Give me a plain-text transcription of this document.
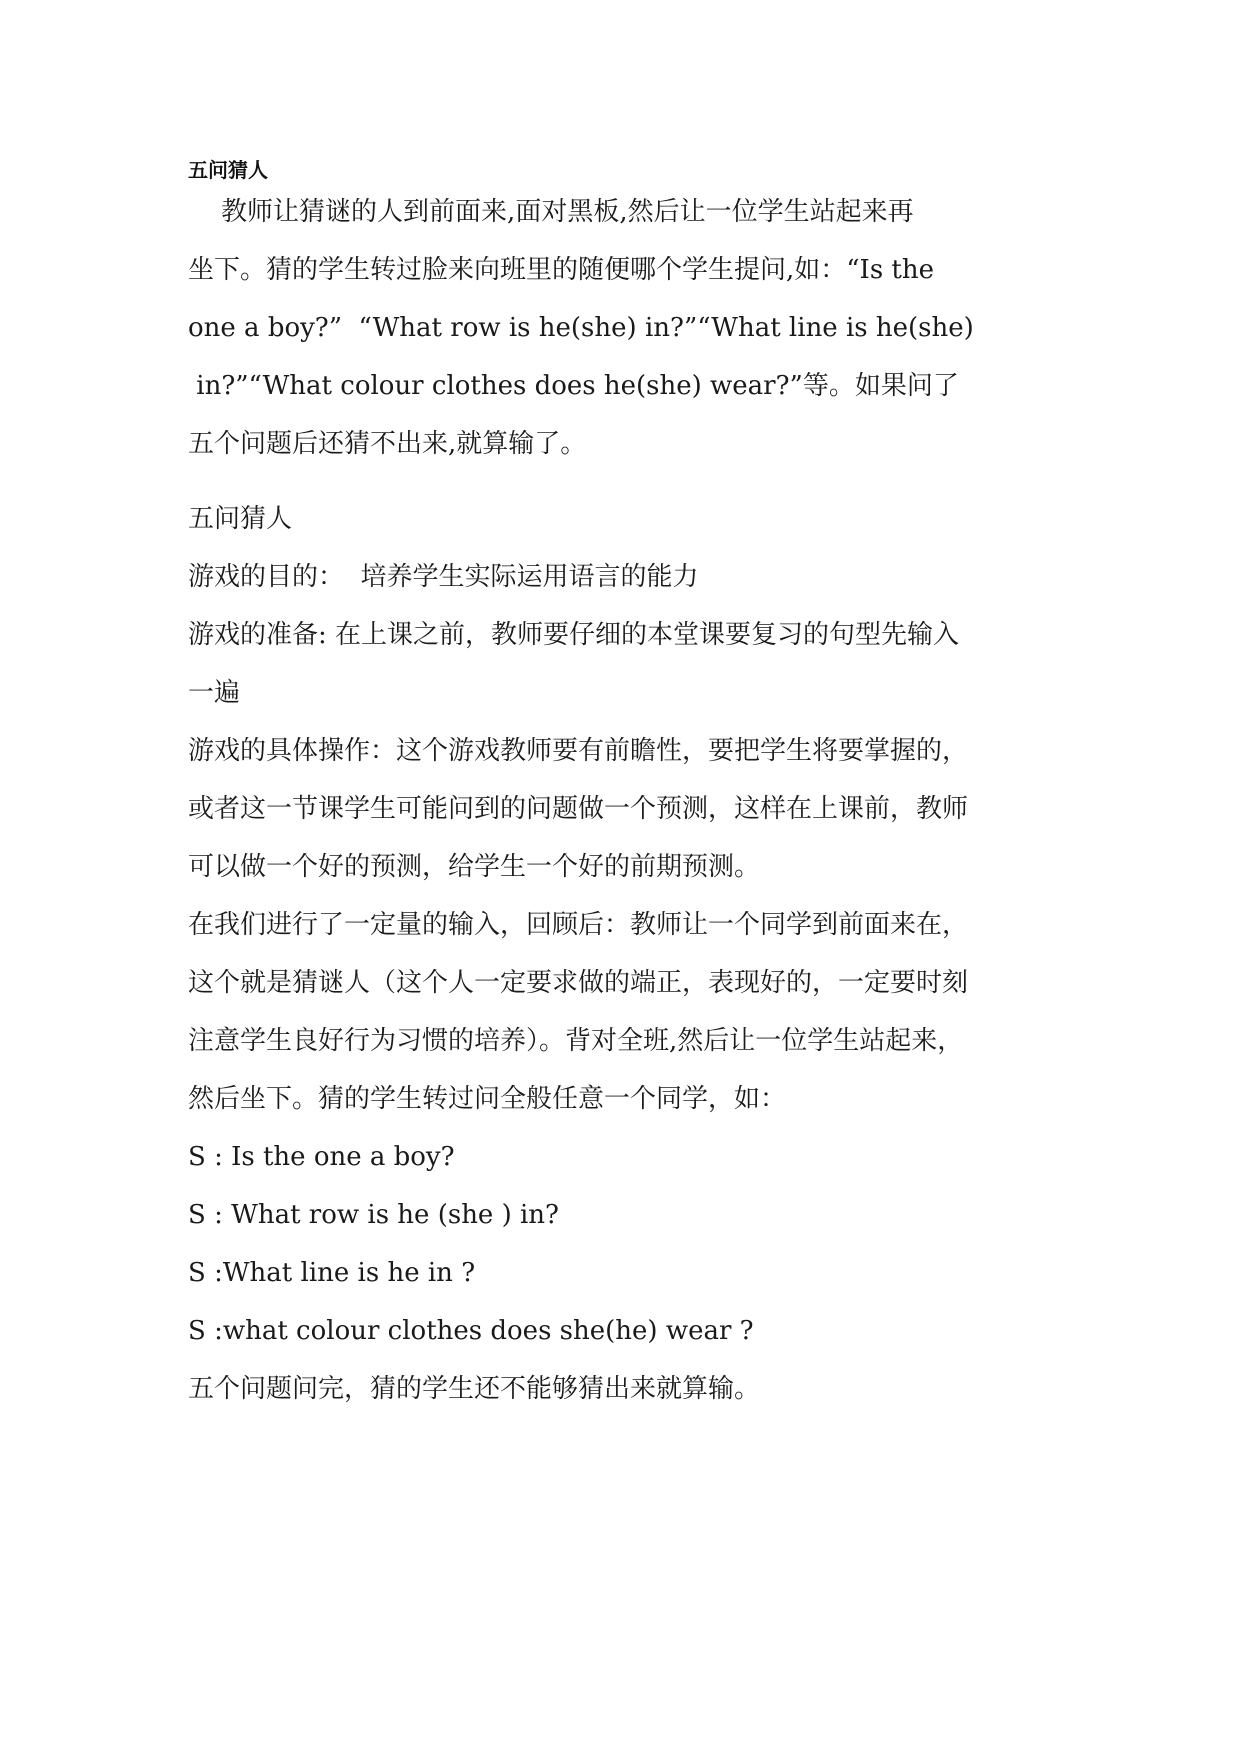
五问猜人
教师让猜谜的人到前面来,面对黑板,然后让一位学生站起来再
坐下。猜的学生转过脸来向班里的随便哪个学生提问,如：“Is the
one a boy?”  “What row is he(she) in?”“What line is he(she)
in?”“What colour clothes does he(she) wear?”等。如果问了
五个问题后还猜不出来,就算输了。
五问猜人
游戏的目的：  培养学生实际运用语言的能力
游戏的准备: 在上课之前，教师要仔细的本堂课要复习的句型先输入
一遍
游戏的具体操作：这个游戏教师要有前瞻性，要把学生将要掌握的，
或者这一节课学生可能问到的问题做一个预测，这样在上课前，教师
可以做一个好的预测，给学生一个好的前期预测。
在我们进行了一定量的输入，回顾后：教师让一个同学到前面来在，
这个就是猜谜人（这个人一定要求做的端正，表现好的，一定要时刻
注意学生良好行为习惯的培养）。背对全班,然后让一位学生站起来，
然后坐下。猜的学生转过问全般任意一个同学，如：
S : Is the one a boy?
S : What row is he (she ) in?
S :What line is he in ?
S :what colour clothes does she(he) wear ?
五个问题问完，猜的学生还不能够猜出来就算输。
